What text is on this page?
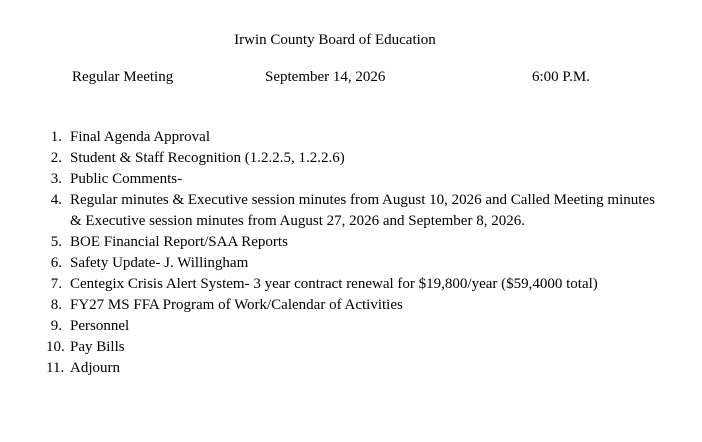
Irwin County Board of Education
Regular Meeting	September 14, 2026	6:00 P.M.
1. Final Agenda Approval
2. Student & Staff Recognition (1.2.2.5, 1.2.2.6)
3. Public Comments-
4. Regular minutes & Executive session minutes from August 10, 2026 and Called Meeting minutes & Executive session minutes from August 27, 2026 and September 8, 2026.
5. BOE Financial Report/SAA Reports
6. Safety Update- J. Willingham
7. Centegix Crisis Alert System- 3 year contract renewal for $19,800/year ($59,4000 total)
8. FY27 MS FFA Program of Work/Calendar of Activities
9. Personnel
10. Pay Bills
11. Adjourn
